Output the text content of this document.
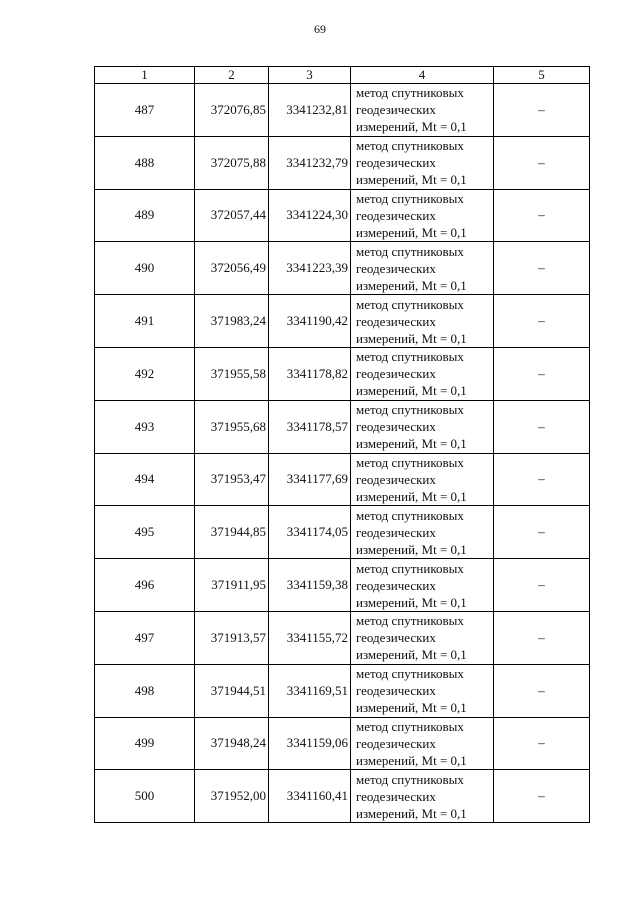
69
1	2	3	4	5
487	372076,85	3341232,81	метод спутниковых
геодезических
измерений, Mt = 0,1	–
488	372075,88	3341232,79	метод спутниковых
геодезических
измерений, Mt = 0,1	–
489	372057,44	3341224,30	метод спутниковых
геодезических
измерений, Mt = 0,1	–
490	372056,49	3341223,39	метод спутниковых
геодезических
измерений, Mt = 0,1	–
491	371983,24	3341190,42	метод спутниковых
геодезических
измерений, Mt = 0,1	–
492	371955,58	3341178,82	метод спутниковых
геодезических
измерений, Mt = 0,1	–
493	371955,68	3341178,57	метод спутниковых
геодезических
измерений, Mt = 0,1	–
494	371953,47	3341177,69	метод спутниковых
геодезических
измерений, Mt = 0,1	–
495	371944,85	3341174,05	метод спутниковых
геодезических
измерений, Mt = 0,1	–
496	371911,95	3341159,38	метод спутниковых
геодезических
измерений, Mt = 0,1	–
497	371913,57	3341155,72	метод спутниковых
геодезических
измерений, Mt = 0,1	–
498	371944,51	3341169,51	метод спутниковых
геодезических
измерений, Mt = 0,1	–
499	371948,24	3341159,06	метод спутниковых
геодезических
измерений, Mt = 0,1	–
500	371952,00	3341160,41	метод спутниковых
геодезических
измерений, Mt = 0,1	–
